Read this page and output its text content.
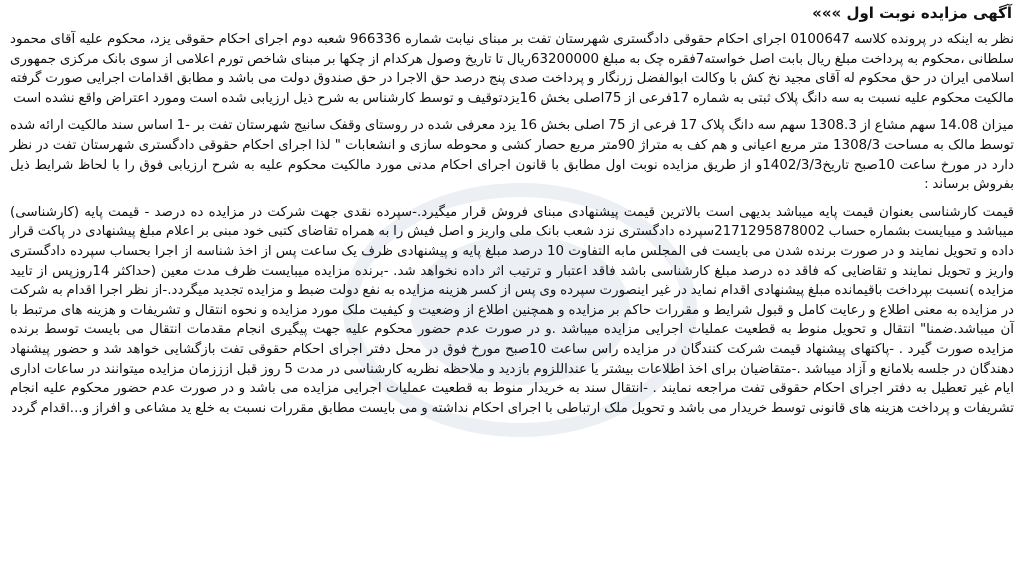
آگهی مزایده نوبت اول »»»

نظر به اینکه در پرونده کلاسه 0100647 اجرای احکام حقوقی دادگستری شهرستان تفت بر مبنای نیابت شماره 966336 شعبه دوم اجرای احکام حقوقی یزد، محکوم علیه آقای محمود سلطانی ،محکوم به پرداخت مبلغ ریال بابت اصل خواسته7فقره چک به مبلغ 63200000ریال تا تاریخ وصول هرکدام از چکها بر مبنای شاخص تورم اعلامی از سوی بانک مرکزی جمهوری اسلامی ایران در حق محکوم له آقای مجید نخ کش با وکالت ابوالفضل زرنگار و پرداخت صدی پنج درصد حق الاجرا در حق صندوق دولت می باشد و مطابق اقدامات اجرایی صورت گرفته مالکیت محکوم علیه نسبت به سه دانگ پلاک ثبتی به شماره 17فرعی از 75اصلی بخش 16یزدتوقیف و توسط کارشناس به شرح ذیل ارزیابی شده است ومورد اعتراض واقع نشده است

میزان 14.08 سهم مشاع از 1308.3 سهم سه دانگ پلاک 17 فرعی از 75 اصلی بخش 16 یزد معرفی شده در روستای وقفک سانیج شهرستان تفت بر -1 اساس سند مالکیت ارائه شده توسط مالک به مساحت 1308/3 متر مربع اعیانی و هم کف به متراژ 90متر مربع حصار کشی و محوطه سازی و انشعابات " لذا اجرای احکام حقوقی دادگستری شهرستان تفت در نظر دارد در مورخ ساعت 10صبح تاریخ1402/3/3و از طریق مزایده نوبت اول مطابق با قانون اجرای احکام مدنی مورد مالکیت محکوم علیه به شرح ارزیابی فوق را با لحاظ شرایط ذیل بفروش برساند :

قیمت کارشناسی بعنوان قیمت پایه میباشد بدیهی است بالاترین قیمت پیشنهادی مبنای فروش قرار میگیرد.-سپرده نقدی جهت شرکت در مزایده ده درصد - قیمت پایه (کارشناسی) میباشد و میبایست بشماره حساب 2171295878002سپرده دادگستری نزد شعب بانک ملی واریز و اصل فیش را به همراه تقاضای کتبی خود مبنی بر اعلام مبلغ پیشنهادی در پاکت قرار داده و تحویل نمایند و در صورت برنده شدن می بایست فی المجلس مابه التفاوت 10 درصد مبلغ پایه و پیشنهادی ظرف یک ساعت پس از اخذ شناسه از اجرا بحساب سپرده دادگستری واریز و تحویل نمایند و تقاضایی که فاقد ده درصد مبلغ کارشناسی باشد فاقد اعتبار و ترتیب اثر داده نخواهد شد. -برنده مزایده میبایست ظرف مدت معین (حداکثر 14روزپس از تایید مزایده )نسبت بپرداخت باقیمانده مبلغ پیشنهادی اقدام نماید در غیر اینصورت سپرده وی پس از کسر هزینه مزایده به نفع دولت ضبط و مزایده تجدید میگردد.-از نظر اجرا اقدام به شرکت در مزایده به معنی اطلاع و رعایت کامل و قبول شرایط و مقررات حاکم بر مزایده و همچنین اطلاع از وضعیت و کیفیت ملک مورد مزایده و نحوه انتقال و تشریفات و هزینه های مرتبط با آن میباشد.ضمنا" انتقال و تحویل منوط به قطعیت عملیات اجرایی مزایده میباشد .و در صورت عدم حضور محکوم علیه جهت پیگیری انجام مقدمات انتقال می بایست توسط برنده مزایده صورت گیرد . -پاکتهای پیشنهاد قیمت شرکت کنندگان در مزایده راس ساعت 10صبح مورخ فوق در محل دفتر اجرای احکام حقوقی تفت بازگشایی خواهد شد و حضور پیشنهاد دهندگان در جلسه بلامانع و آزاد میباشد .-متقاضیان برای اخذ اطلاعات بیشتر یا عنداللزوم بازدید و ملاحظه نظریه کارشناسی در مدت 5 روز قبل ازززمان مزایده میتوانند در ساعات اداری ایام غیر تعطیل به دفتر اجرای احکام حقوقی تفت مراجعه نمایند . -انتقال سند به خریدار منوط به قطعیت عملیات اجرایی مزایده می باشد و در صورت عدم حضور محکوم علیه انجام تشریفات و پرداخت هزینه های قانونی توسط خریدار می باشد و تحویل ملک ارتباطی با اجرای احکام نداشته و می بایست مطابق مقررات نسبت به خلع ید مشاعی و افراز و...اقدام گردد
